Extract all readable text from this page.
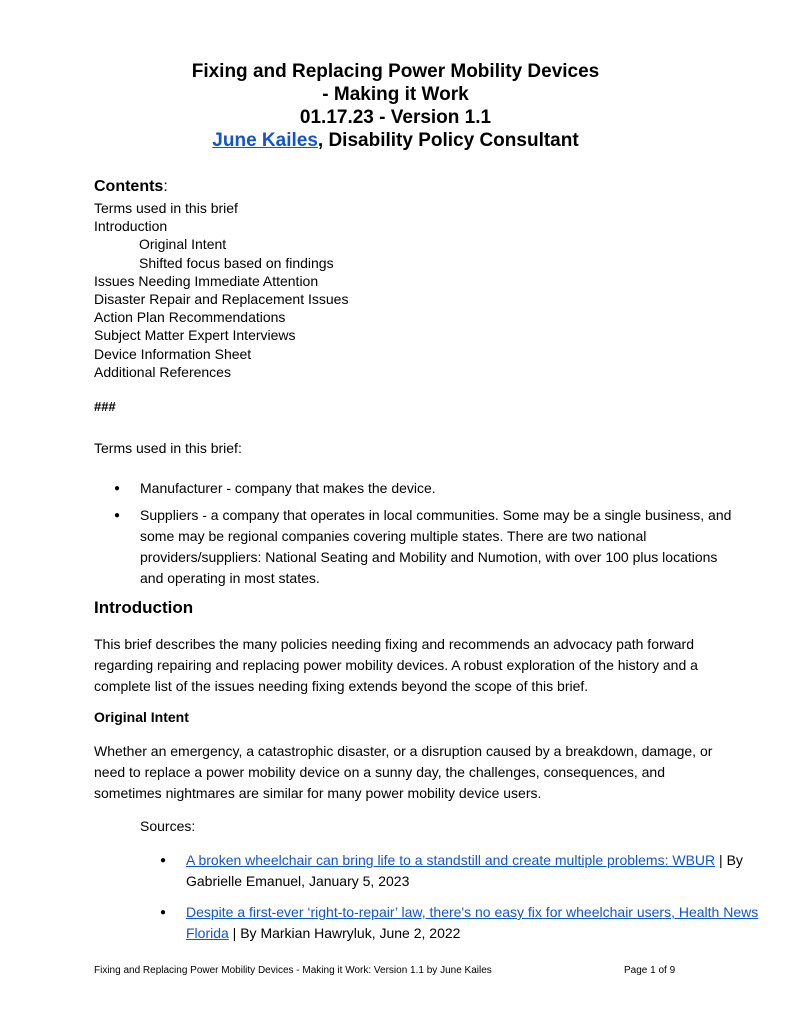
Fixing and Replacing Power Mobility Devices
- Making it Work
01.17.23 - Version 1.1
June Kailes, Disability Policy Consultant
Contents:
Terms used in this brief
Introduction
Original Intent
Shifted focus based on findings
Issues Needing Immediate Attention
Disaster Repair and Replacement Issues
Action Plan Recommendations
Subject Matter Expert Interviews
Device Information Sheet
Additional References
###
Terms used in this brief:
● Manufacturer - company that makes the device.
● Suppliers - a company that operates in local communities. Some may be a single business, and some may be regional companies covering multiple states. There are two national providers/suppliers: National Seating and Mobility and Numotion, with over 100 plus locations and operating in most states.
Introduction
This brief describes the many policies needing fixing and recommends an advocacy path forward regarding repairing and replacing power mobility devices. A robust exploration of the history and a complete list of the issues needing fixing extends beyond the scope of this brief.
Original Intent
Whether an emergency, a catastrophic disaster, or a disruption caused by a breakdown, damage, or need to replace a power mobility device on a sunny day, the challenges, consequences, and sometimes nightmares are similar for many power mobility device users.
Sources:
● A broken wheelchair can bring life to a standstill and create multiple problems: WBUR | By Gabrielle Emanuel, January 5, 2023
● Despite a first-ever ‘right-to-repair’ law, there's no easy fix for wheelchair users, Health News Florida | By Markian Hawryluk, June 2, 2022
Fixing and Replacing Power Mobility Devices - Making it Work: Version 1.1 by June Kailes	Page 1 of 9
